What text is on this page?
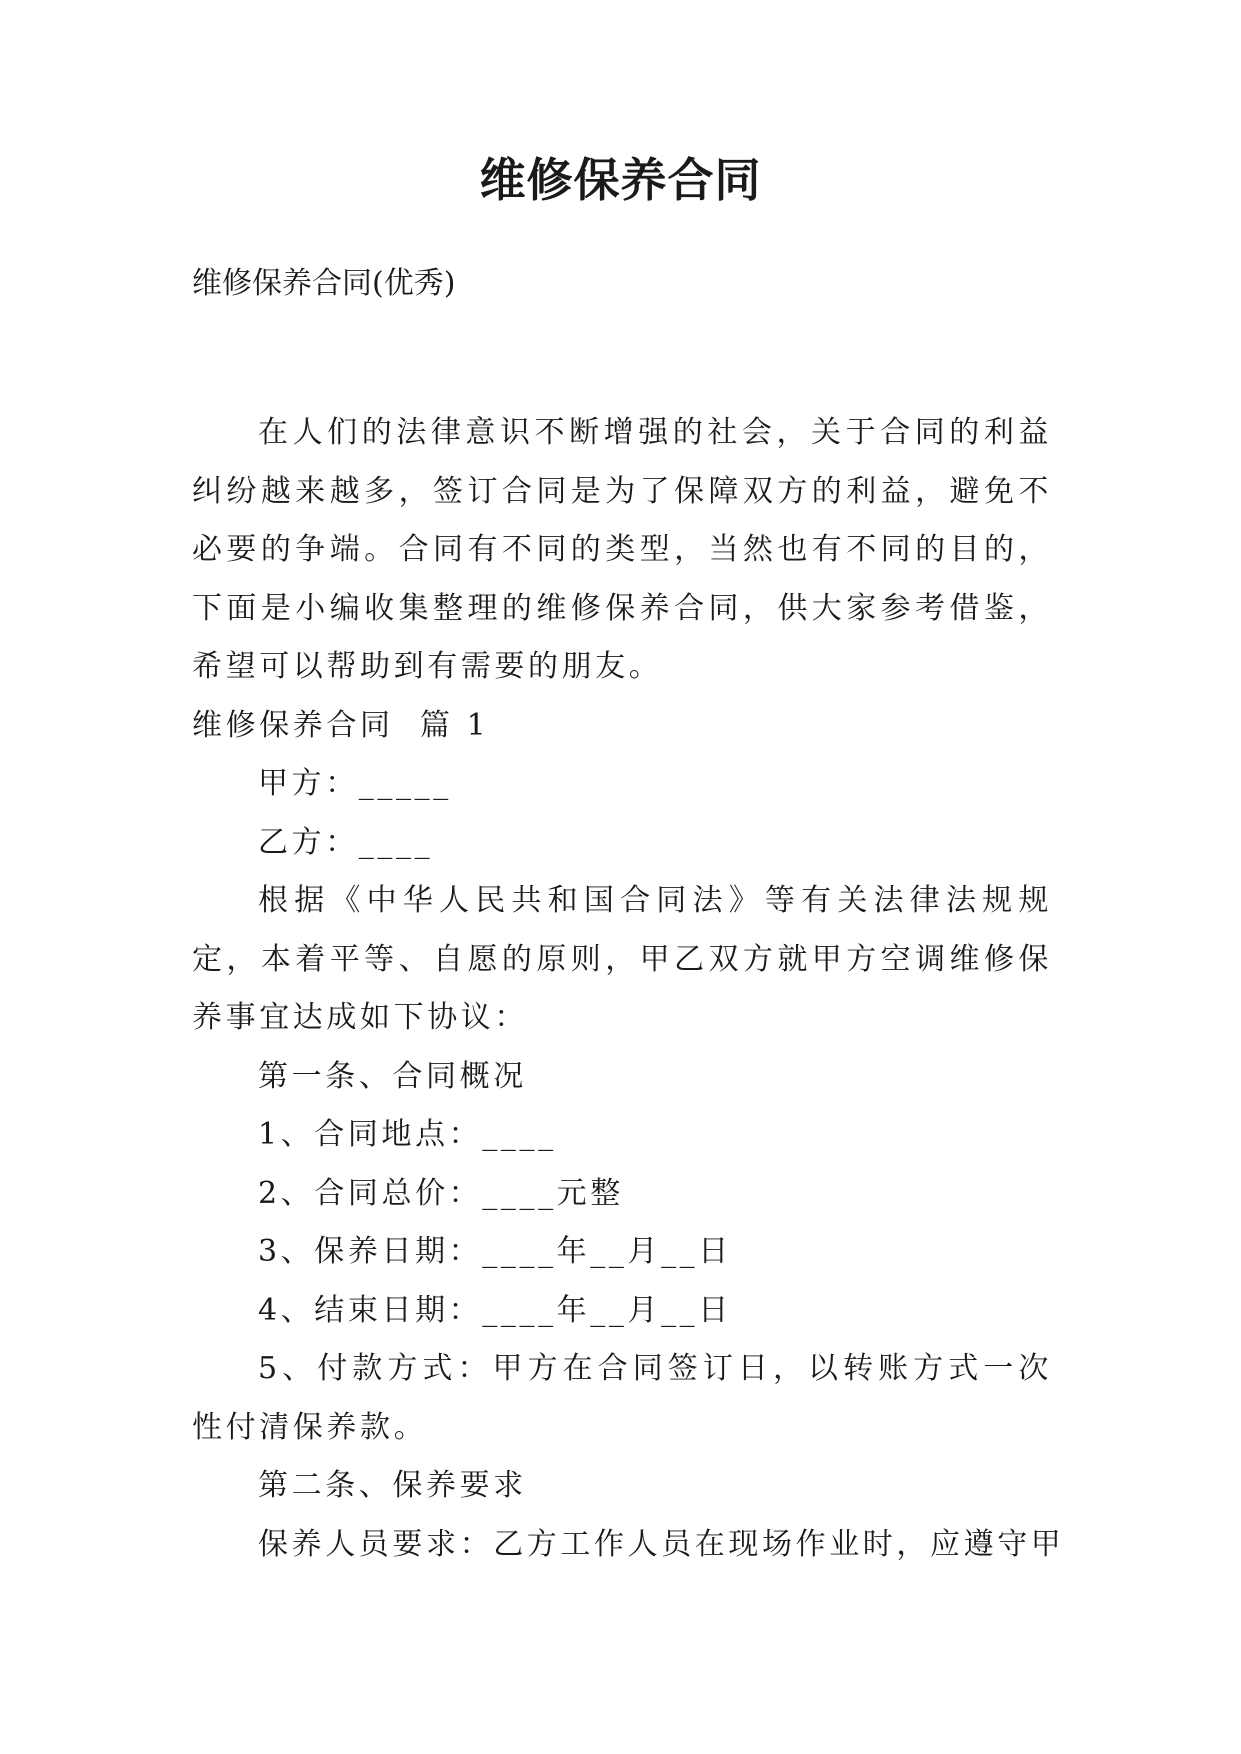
维修保养合同
维修保养合同(优秀)

在人们的法律意识不断增强的社会，关于合同的利益纠纷越来越多，签订合同是为了保障双方的利益，避免不必要的争端。合同有不同的类型，当然也有不同的目的，下面是小编收集整理的维修保养合同，供大家参考借鉴，希望可以帮助到有需要的朋友。

维修保养合同  篇 1
甲方：_____
乙方：____

根据《中华人民共和国合同法》等有关法律法规规定，本着平等、自愿的原则，甲乙双方就甲方空调维修保养事宜达成如下协议：

第一条、合同概况
1、合同地点：____
2、合同总价：____元整
3、保养日期：____年__月__日
4、结束日期：____年__月__日

5、付款方式：甲方在合同签订日，以转账方式一次性付清保养款。

第二条、保养要求
保养人员要求：乙方工作人员在现场作业时，应遵守甲
